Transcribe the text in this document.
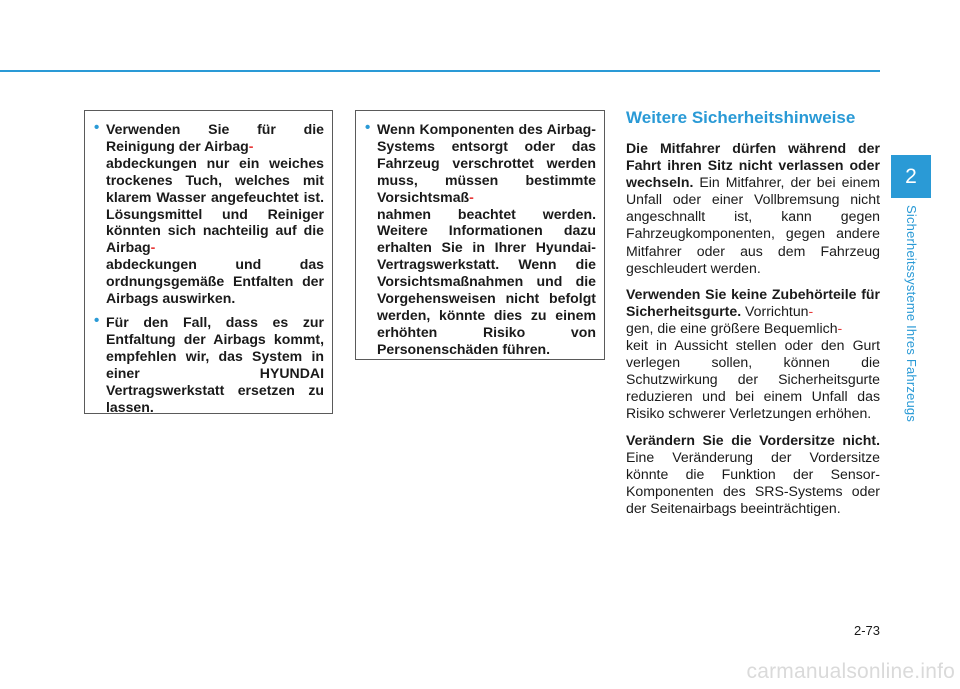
• Verwenden Sie für die Reinigung der Airbag-
abdeckungen nur ein weiches trockenes Tuch, welches mit klarem Wasser angefeuchtet ist. Lösungsmittel und Reiniger könnten sich nachteilig auf die Airbag-
abdeckungen und das ordnungsgemäße Entfalten der Airbags auswirken.
• Für den Fall, dass es zur Entfaltung der Airbags kommt, empfehlen wir, das System in einer HYUNDAI Vertragswerkstatt ersetzen zu lassen.
• Wenn Komponenten des Airbag-Systems entsorgt oder das Fahrzeug verschrottet werden muss, müssen bestimmte Vorsichtsmaß-
nahmen beachtet werden. Weitere Informationen dazu erhalten Sie in Ihrer Hyundai-Vertragswerkstatt. Wenn die Vorsichtsmaßnahmen und die Vorgehensweisen nicht befolgt werden, könnte dies zu einem erhöhten Risiko von Personenschäden führen.
Weitere Sicherheitshinweise

Die Mitfahrer dürfen während der Fahrt ihren Sitz nicht verlassen oder wechseln. Ein Mitfahrer, der bei einem Unfall oder einer Vollbremsung nicht angeschnallt ist, kann gegen Fahrzeugkomponenten, gegen andere Mitfahrer oder aus dem Fahrzeug geschleudert werden.

Verwenden Sie keine Zubehörteile für Sicherheitsgurte. Vorrichtun-
gen, die eine größere Bequemlich-
keit in Aussicht stellen oder den Gurt verlegen sollen, können die Schutzwirkung der Sicherheitsgurte reduzieren und bei einem Unfall das Risiko schwerer Verletzungen erhöhen.

Verändern Sie die Vordersitze nicht. Eine Veränderung der Vordersitze könnte die Funktion der Sensor-Komponenten des SRS-Systems oder der Seitenairbags beeinträchtigen.

2
Sicherheitssysteme Ihres Fahrzeugs
2-73
carmanualsonline.info
